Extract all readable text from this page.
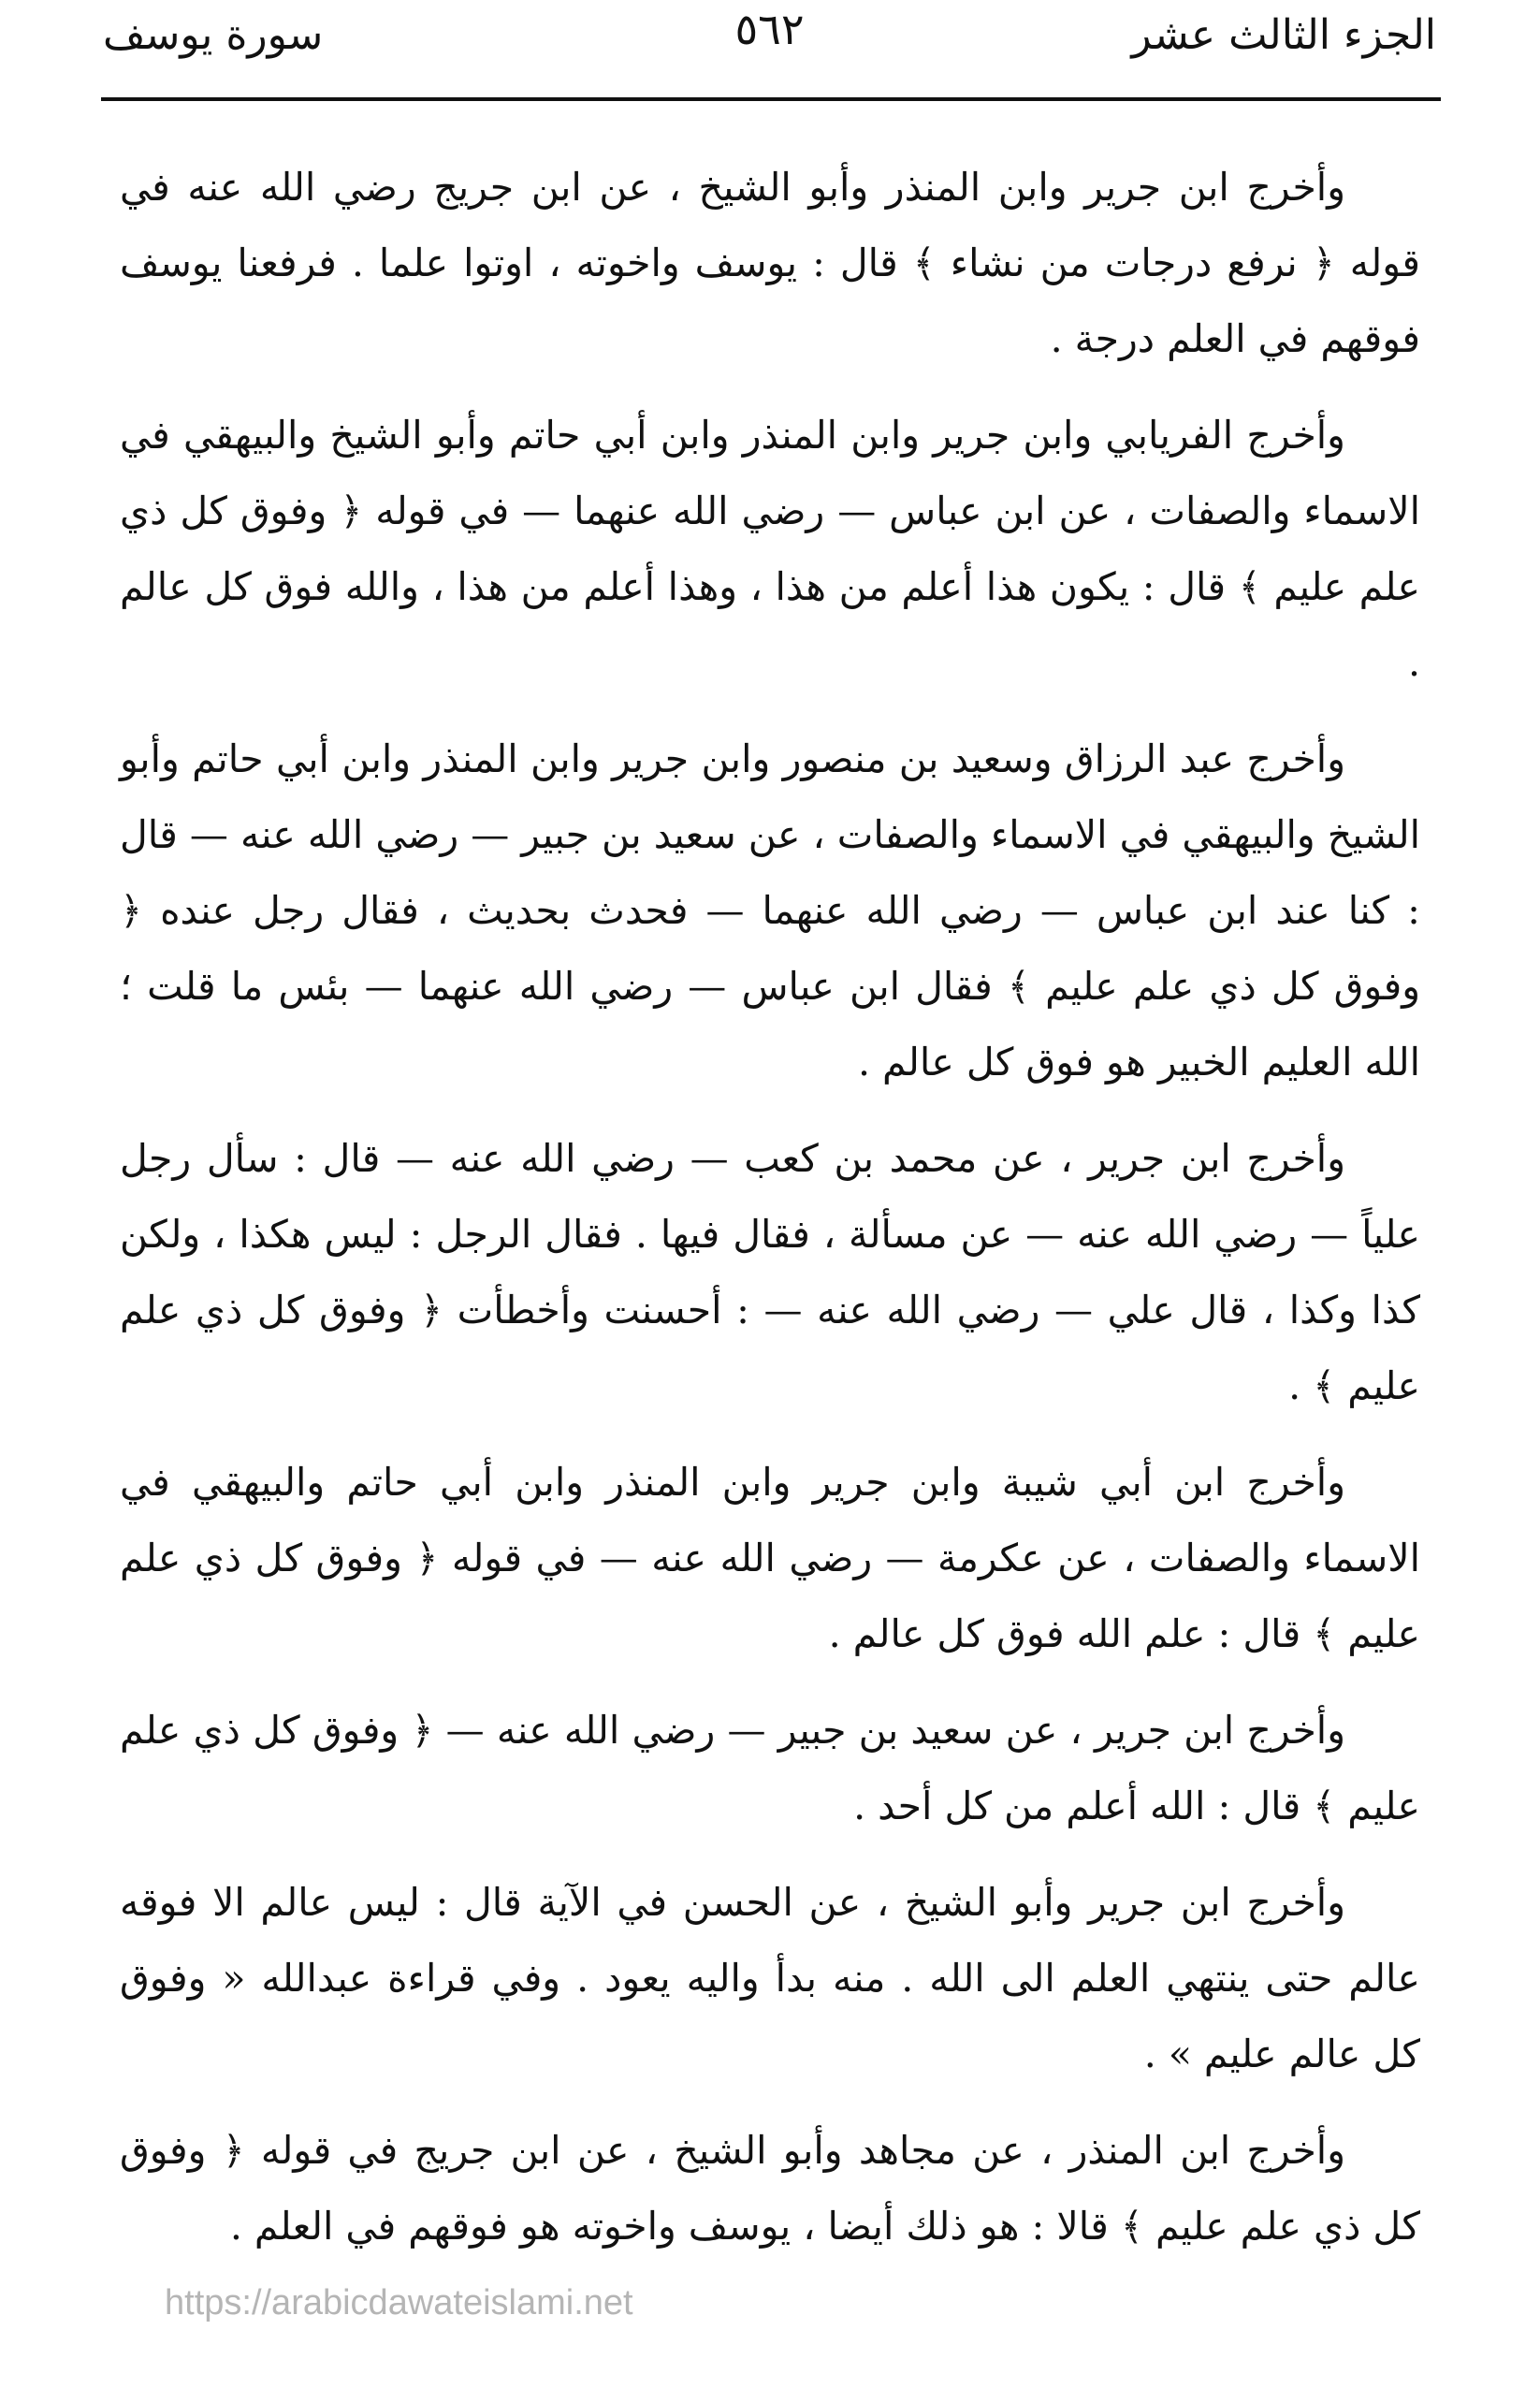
الجزء الثالث عشر
٥٦٢
سورة يوسف

وأخرج ابن جرير وابن المنذر وأبو الشيخ ، عن ابن جريج رضي الله عنه في قوله ﴿ نرفع درجات من نشاء ﴾ قال : يوسف واخوته ، اوتوا علما . فرفعنا يوسف فوقهم في العلم درجة .

وأخرج الفريابي وابن جرير وابن المنذر وابن أبي حاتم وأبو الشيخ والبيهقي في الاسماء والصفات ، عن ابن عباس — رضي الله عنهما — في قوله ﴿ وفوق كل ذي علم عليم ﴾ قال : يكون هذا أعلم من هذا ، وهذا أعلم من هذا ، والله فوق كل عالم .

وأخرج عبد الرزاق وسعيد بن منصور وابن جرير وابن المنذر وابن أبي حاتم وأبو الشيخ والبيهقي في الاسماء والصفات ، عن سعيد بن جبير — رضي الله عنه — قال : كنا عند ابن عباس — رضي الله عنهما — فحدث بحديث ، فقال رجل عنده ﴿ وفوق كل ذي علم عليم ﴾ فقال ابن عباس — رضي الله عنهما — بئس ما قلت ؛ الله العليم الخبير هو فوق كل عالم .

وأخرج ابن جرير ، عن محمد بن كعب — رضي الله عنه — قال : سأل رجل علياً — رضي الله عنه — عن مسألة ، فقال فيها . فقال الرجل : ليس هكذا ، ولكن كذا وكذا ، قال علي — رضي الله عنه — : أحسنت وأخطأت ﴿ وفوق كل ذي علم عليم ﴾ .

وأخرج ابن أبي شيبة وابن جرير وابن المنذر وابن أبي حاتم والبيهقي في الاسماء والصفات ، عن عكرمة — رضي الله عنه — في قوله ﴿ وفوق كل ذي علم عليم ﴾ قال : علم الله فوق كل عالم .

وأخرج ابن جرير ، عن سعيد بن جبير — رضي الله عنه — ﴿ وفوق كل ذي علم عليم ﴾ قال : الله أعلم من كل أحد .

وأخرج ابن جرير وأبو الشيخ ، عن الحسن في الآية قال : ليس عالم الا فوقه عالم حتى ينتهي العلم الى الله . منه بدأ واليه يعود . وفي قراءة عبدالله « وفوق كل عالم عليم » .

وأخرج ابن المنذر ، عن مجاهد وأبو الشيخ ، عن ابن جريج في قوله ﴿ وفوق كل ذي علم عليم ﴾ قالا : هو ذلك أيضا ، يوسف واخوته هو فوقهم في العلم .

https://arabicdawateislami.net
